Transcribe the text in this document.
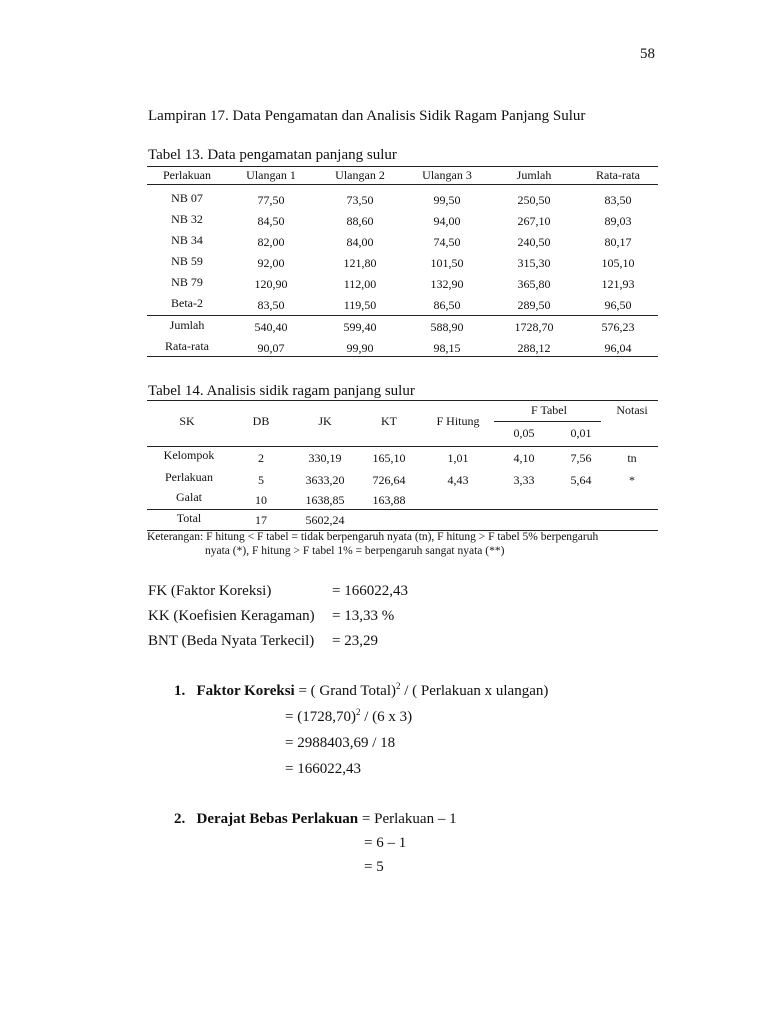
58
Lampiran 17. Data Pengamatan dan Analisis Sidik Ragam Panjang Sulur
Tabel 13. Data pengamatan panjang sulur
Perlakuan	Ulangan 1	Ulangan 2	Ulangan 3	Jumlah	Rata-rata
NB 07	77,50	73,50	99,50	250,50	83,50
NB 32	84,50	88,60	94,00	267,10	89,03
NB 34	82,00	84,00	74,50	240,50	80,17
NB 59	92,00	121,80	101,50	315,30	105,10
NB 79	120,90	112,00	132,90	365,80	121,93
Beta-2	83,50	119,50	86,50	289,50	96,50
Jumlah	540,40	599,40	588,90	1728,70	576,23
Rata-rata	90,07	99,90	98,15	288,12	96,04
Tabel 14. Analisis sidik ragam panjang sulur
SK	DB	JK	KT	F Hitung
F Tabel
0,05	0,01
Notasi
Kelompok	2	330,19	165,10	1,01	4,10	7,56	tn
Perlakuan	5	3633,20 726,64	4,43	3,33	5,64	*
Galat	10	1638,85 163,88
Total	17	5602,24
Keterangan: F hitung < F tabel = tidak berpengaruh nyata (tn), F hitung > F tabel 5% berpengaruh
nyata (*), F hitung > F tabel 1% = berpengaruh sangat nyata (**)
FK (Faktor Koreksi)	= 166022,43
KK (Koefisien Keragaman) = 13,33 %
BNT (Beda Nyata Terkecil) = 23,29
1. Faktor Koreksi = ( Grand Total)$^2$ / ( Perlakuan x ulangan)
= $(1728,70)^2 / (6$ x 3)
= 2988403,69 / 18
= 166022,43
2. Derajat Bebas Perlakuan = Perlakuan – 1
= 6 – 1
= 5
